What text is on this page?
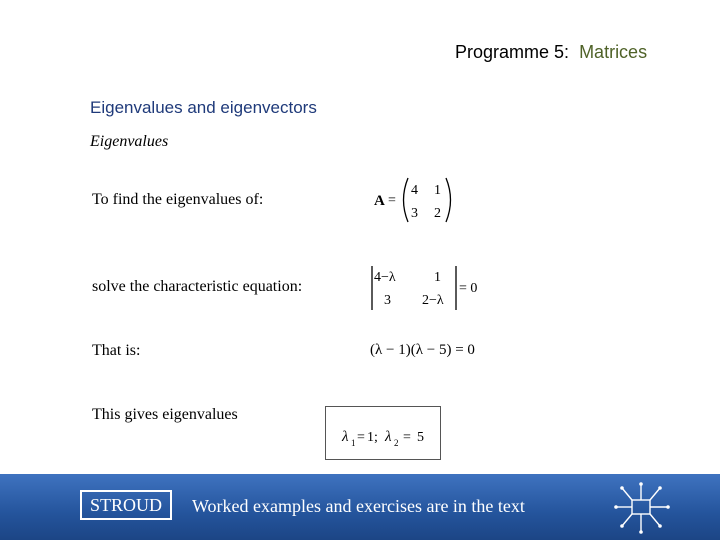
Programme 5: Matrices
Eigenvalues and eigenvectors
Eigenvalues
To find the eigenvalues of:
solve the characteristic equation:
That is:
This gives eigenvalues
A =
4 1
3 2
4−λ	1
3 2−λ
= 0
(λ − 1)(λ − 5) = 0
λ 1 = 1 ; λ 2 = 5
STROUD	Worked examples and exercises are in the text
